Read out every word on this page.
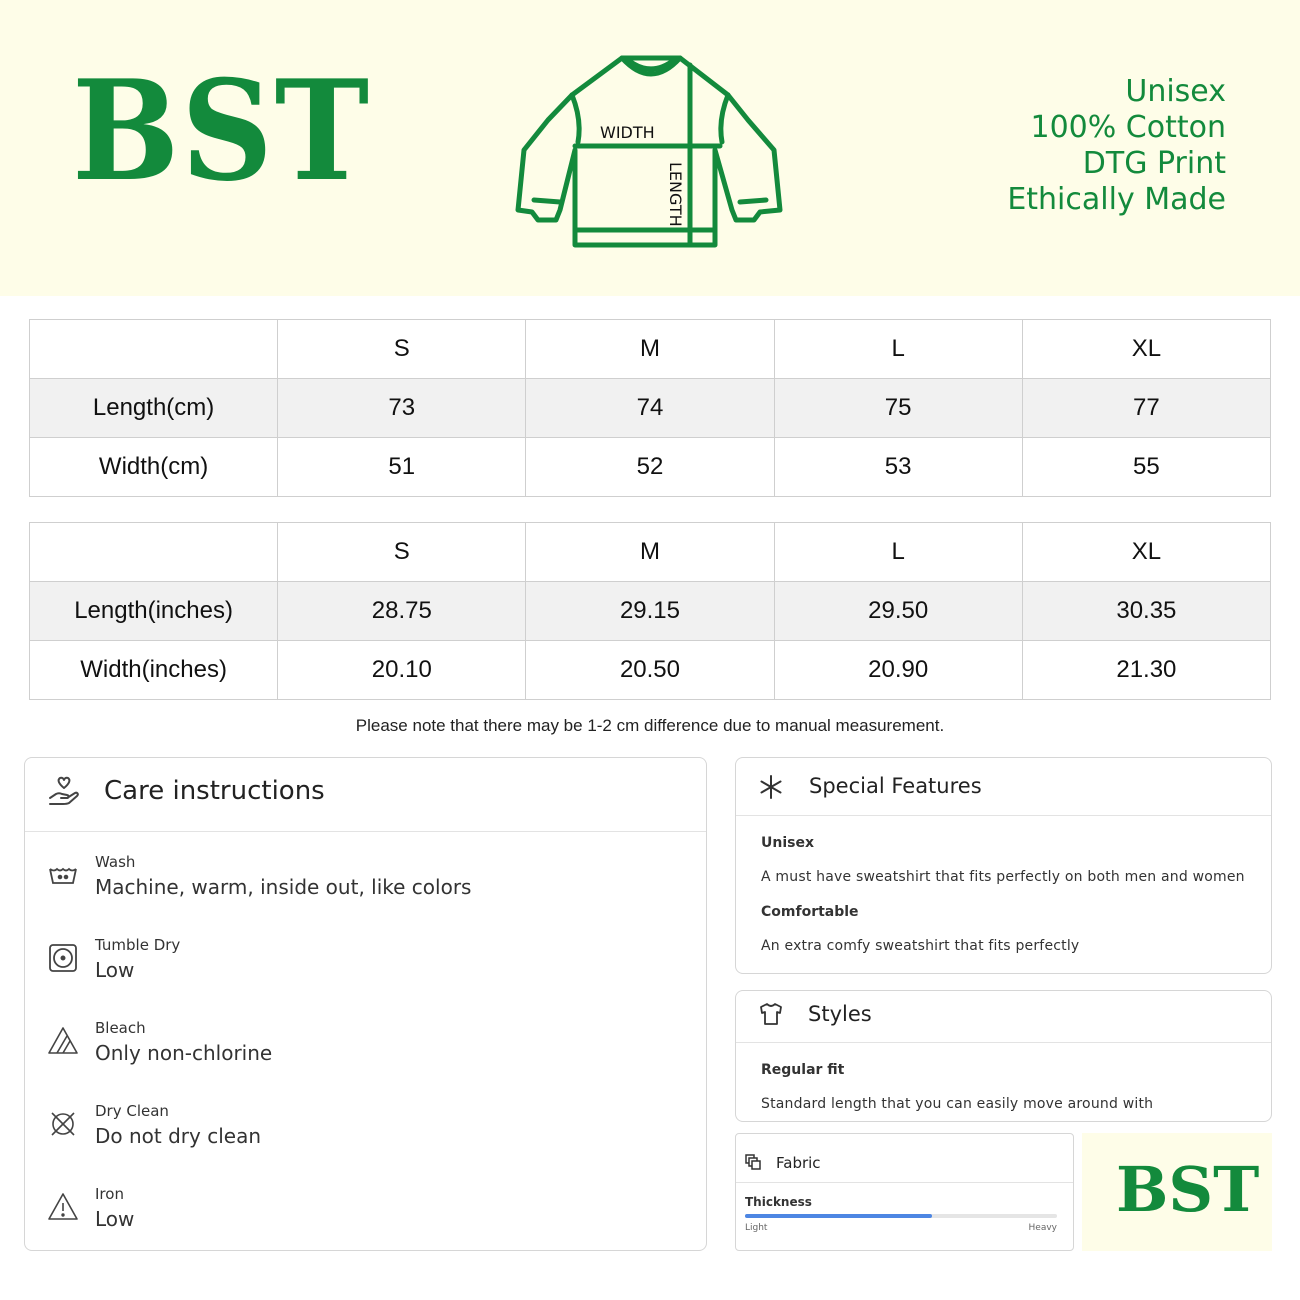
BST	WIDTH
LENGTH
Unisex
100% Cotton
DTG Print
Ethically Made
	S	M	L	XL
Length(cm)	73	74	75	77
Width(cm)	51	52	53	55
	S	M	L	XL
Length(inches)	28.75	29.15	29.50	30.35
Width(inches)	20.10	20.50	20.90	21.30
Please note that there may be 1-2 cm difference due to manual measurement.
Care instructions
Wash
Machine, warm, inside out, like colors
Tumble Dry
Low
Bleach
Only non-chlorine
Dry Clean
Do not dry clean
Iron
Low
Special Features
Unisex
A must have sweatshirt that fits perfectly on both men and women
Comfortable
An extra comfy sweatshirt that fits perfectly
Styles
Regular fit
Standard length that you can easily move around with
Fabric
Thickness
Light	Heavy
BST
